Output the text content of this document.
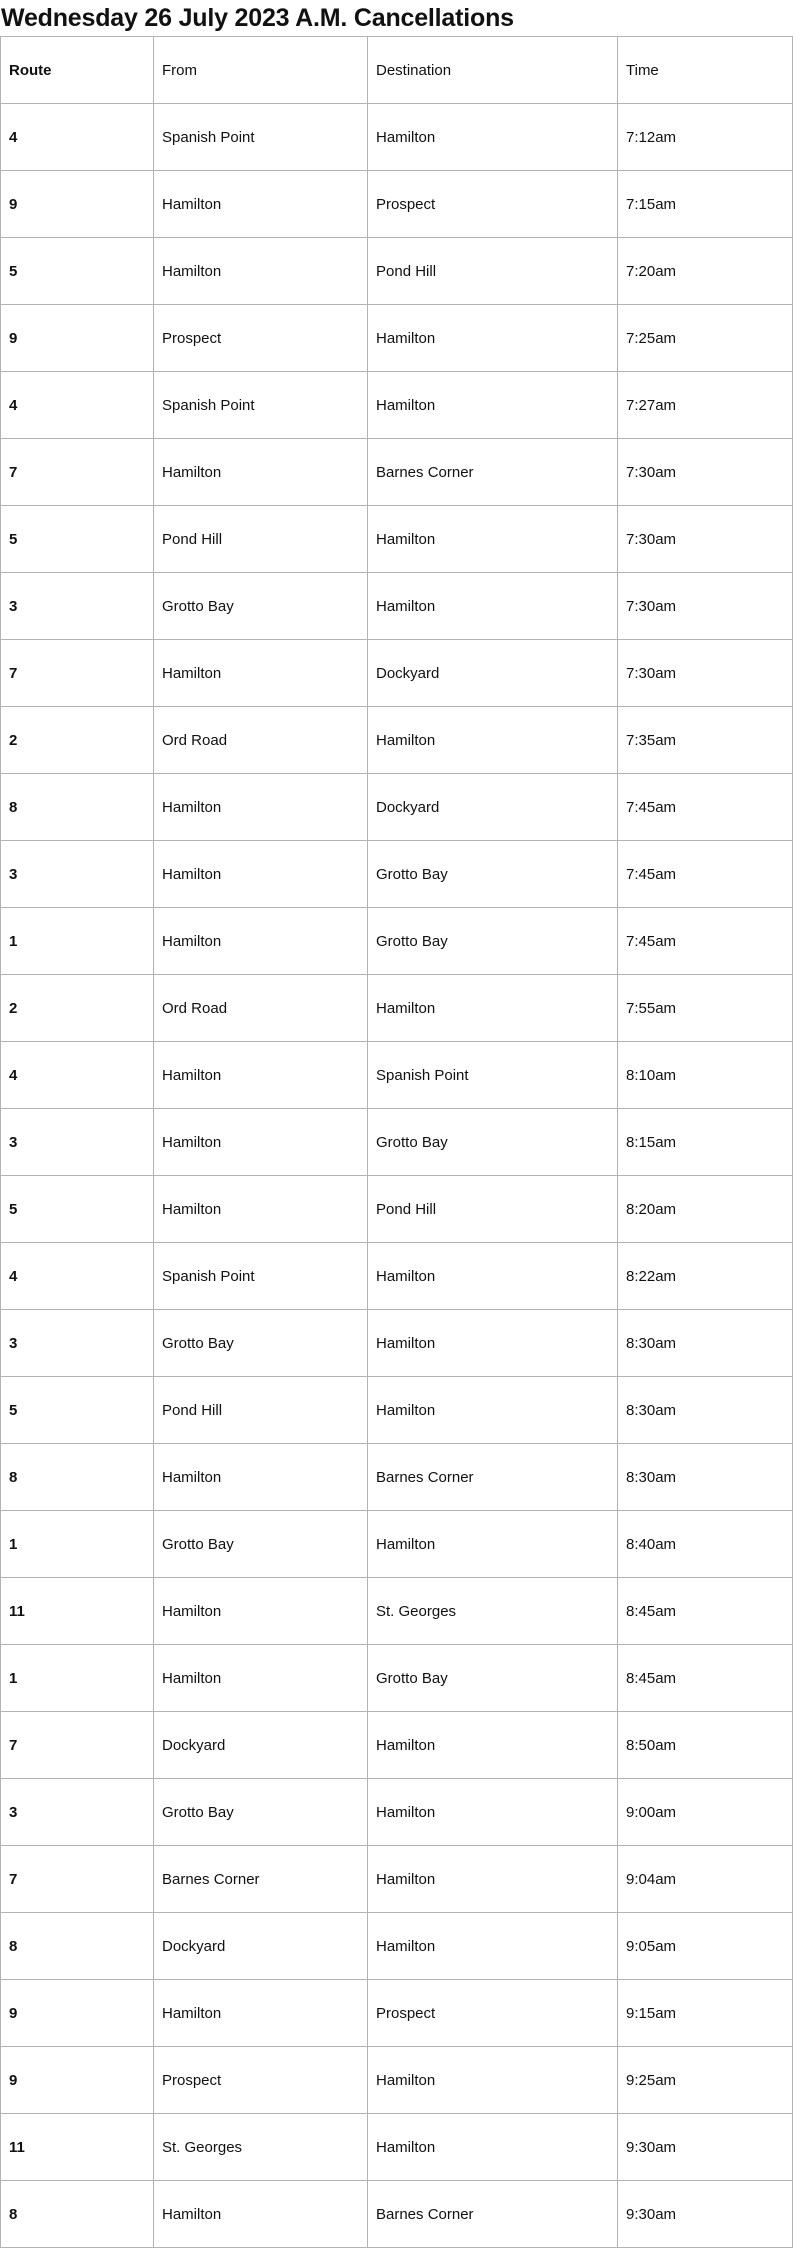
Wednesday 26 July 2023 A.M. Cancellations
Route	From	Destination	Time
4	Spanish Point	Hamilton	7:12am
9	Hamilton	Prospect	7:15am
5	Hamilton	Pond Hill	7:20am
9	Prospect	Hamilton	7:25am
4	Spanish Point	Hamilton	7:27am
7	Hamilton	Barnes Corner	7:30am
5	Pond Hill	Hamilton	7:30am
3	Grotto Bay	Hamilton	7:30am
7	Hamilton	Dockyard	7:30am
2	Ord Road	Hamilton	7:35am
8	Hamilton	Dockyard	7:45am
3	Hamilton	Grotto Bay	7:45am
1	Hamilton	Grotto Bay	7:45am
2	Ord Road	Hamilton	7:55am
4	Hamilton	Spanish Point	8:10am
3	Hamilton	Grotto Bay	8:15am
5	Hamilton	Pond Hill	8:20am
4	Spanish Point	Hamilton	8:22am
3	Grotto Bay	Hamilton	8:30am
5	Pond Hill	Hamilton	8:30am
8	Hamilton	Barnes Corner	8:30am
1	Grotto Bay	Hamilton	8:40am
11	Hamilton	St. Georges	8:45am
1	Hamilton	Grotto Bay	8:45am
7	Dockyard	Hamilton	8:50am
3	Grotto Bay	Hamilton	9:00am
7	Barnes Corner	Hamilton	9:04am
8	Dockyard	Hamilton	9:05am
9	Hamilton	Prospect	9:15am
9	Prospect	Hamilton	9:25am
11	St. Georges	Hamilton	9:30am
8	Hamilton	Barnes Corner	9:30am
